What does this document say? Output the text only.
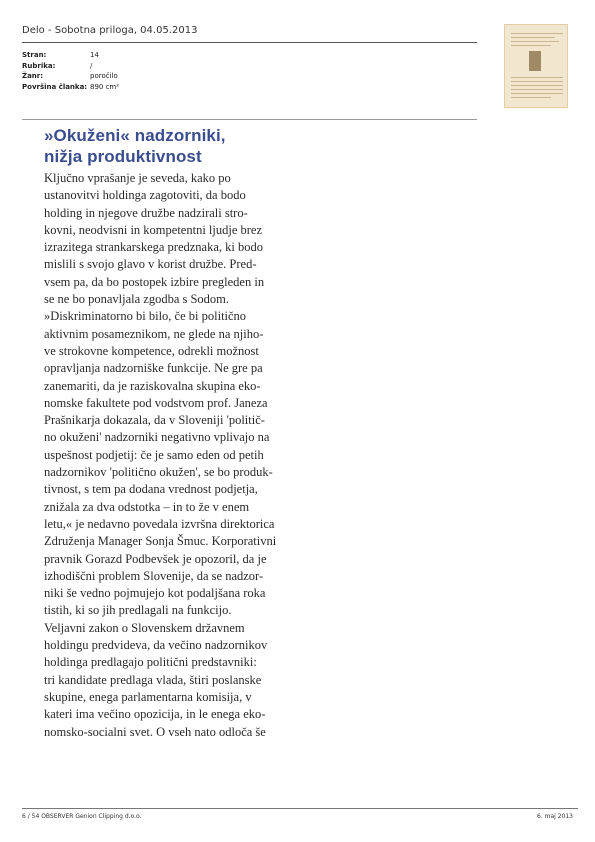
Delo - Sobotna priloga, 04.05.2013
Stran:	14
Rubrika:	/
Žanr:	poročilo
Površina članka: 890 cm²
»Okuženi« nadzorniki,
nižja produktivnost
Ključno vprašanje je seveda, kako po
ustanovitvi holdinga zagotoviti, da bodo
holding in njegove družbe nadzirali stro-
kovni, neodvisni in kompetentni ljudje brez
izrazitega strankarskega predznaka, ki bodo
mislili s svojo glavo v korist družbe. Pred-
vsem pa, da bo postopek izbire pregleden in
se ne bo ponavljala zgodba s Sodom.
»Diskriminatorno bi bilo, če bi politično
aktivnim posameznikom, ne glede na njiho-
ve strokovne kompetence, odrekli možnost
opravljanja nadzorniške funkcije. Ne gre pa
zanemariti, da je raziskovalna skupina eko-
nomske fakultete pod vodstvom prof. Janeza
Prašnikarja dokazala, da v Sloveniji 'politič-
no okuženi' nadzorniki negativno vplivajo na
uspešnost podjetij: če je samo eden od petih
nadzornikov 'politično okužen', se bo produk-
tivnost, s tem pa dodana vrednost podjetja,
znižala za dva odstotka – in to že v enem
letu,« je nedavno povedala izvršna direktorica
Združenja Manager Sonja Šmuc. Korporativni
pravnik Gorazd Podbevšek je opozoril, da je
izhodiščni problem Slovenije, da se nadzor-
niki še vedno pojmujejo kot podaljšana roka
tistih, ki so jih predlagali na funkcijo.
Veljavni zakon o Slovenskem državnem
holdingu predvideva, da večino nadzornikov
holdinga predlagajo politični predstavniki:
tri kandidate predlaga vlada, štiri poslanske
skupine, enega parlamentarna komisija, v
kateri ima večino opozicija, in le enega eko-
nomsko-socialni svet. O vseh nato odloča še
6 / 54 OBSERVER Genion Clipping d.o.o.	6. maj 2013
